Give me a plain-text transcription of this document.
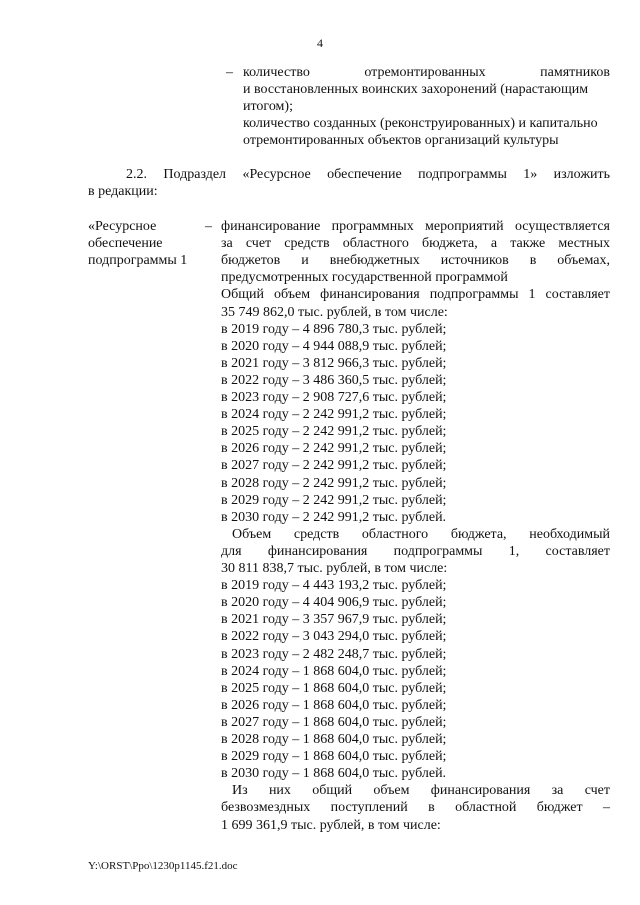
4
– количество отремонтированных памятников
и восстановленных воинских захоронений (нарастающим
итогом);
количество созданных (реконструированных) и капитально
отремонтированных объектов организаций культуры
2.2. Подраздел «Ресурсное обеспечение подпрограммы 1» изложить
в редакции:
«Ресурсное
обеспечение
подпрограммы 1
– финансирование программных мероприятий осуществляется
за счет средств областного бюджета, а также местных
бюджетов и внебюджетных источников в объемах,
предусмотренных государственной программой
Общий объем финансирования подпрограммы 1 составляет
35 749 862,0 тыс. рублей, в том числе:
в 2019 году – 4 896 780,3 тыс. рублей;
в 2020 году – 4 944 088,9 тыс. рублей;
в 2021 году – 3 812 966,3 тыс. рублей;
в 2022 году – 3 486 360,5 тыс. рублей;
в 2023 году – 2 908 727,6 тыс. рублей;
в 2024 году – 2 242 991,2 тыс. рублей;
в 2025 году – 2 242 991,2 тыс. рублей;
в 2026 году – 2 242 991,2 тыс. рублей;
в 2027 году – 2 242 991,2 тыс. рублей;
в 2028 году – 2 242 991,2 тыс. рублей;
в 2029 году – 2 242 991,2 тыс. рублей;
в 2030 году – 2 242 991,2 тыс. рублей.
Объем средств областного бюджета, необходимый
для финансирования подпрограммы 1, составляет
30 811 838,7 тыс. рублей, в том числе:
в 2019 году – 4 443 193,2 тыс. рублей;
в 2020 году – 4 404 906,9 тыс. рублей;
в 2021 году – 3 357 967,9 тыс. рублей;
в 2022 году – 3 043 294,0 тыс. рублей;
в 2023 году – 2 482 248,7 тыс. рублей;
в 2024 году – 1 868 604,0 тыс. рублей;
в 2025 году – 1 868 604,0 тыс. рублей;
в 2026 году – 1 868 604,0 тыс. рублей;
в 2027 году – 1 868 604,0 тыс. рублей;
в 2028 году – 1 868 604,0 тыс. рублей;
в 2029 году – 1 868 604,0 тыс. рублей;
в 2030 году – 1 868 604,0 тыс. рублей.
Из них общий объем финансирования за счет
безвозмездных поступлений в областной бюджет –
1 699 361,9 тыс. рублей, в том числе:
Y:\ORST\Ppo\1230p1145.f21.doc
